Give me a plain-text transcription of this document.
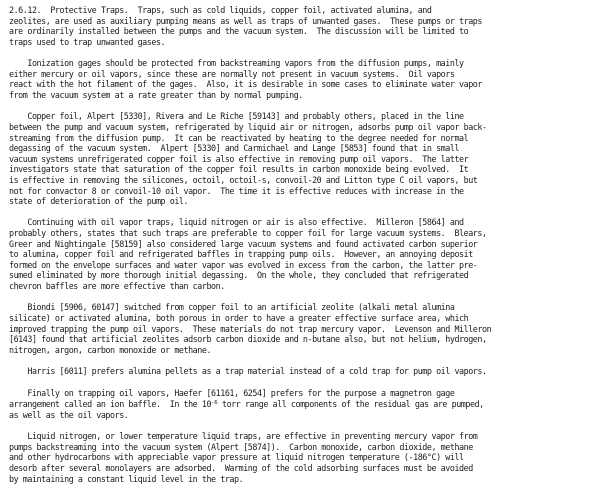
2.6.12.  Protective Traps.  Traps, such as cold liquids, copper foil, activated alumina, and
zeolites, are used as auxiliary pumping means as well as traps of unwanted gases.  These pumps or traps
are ordinarily installed between the pumps and the vacuum system.  The discussion will be limited to
traps used to trap unwanted gases.
Ionization gages should be protected from backstreaming vapors from the diffusion pumps, mainly
either mercury or oil vapors, since these are normally not present in vacuum systems.  Oil vapors
react with the hot filament of the gages.  Also, it is desirable in some cases to eliminate water vapor
from the vacuum system at a rate greater than by normal pumping.
Copper foil, Alpert [5330], Rivera and Le Riche [59143] and probably others, placed in the line
between the pump and vacuum system, refrigerated by liquid air or nitrogen, adsorbs pump oil vapor back-
streaming from the diffusion pump.  It can be reactivated by heating to the degree needed for normal
degassing of the vacuum system.  Alpert [5330] and Carmichael and Lange [5853] found that in small
vacuum systems unrefrigerated copper foil is also effective in removing pump oil vapors.  The latter
investigators state that saturation of the copper foil results in carbon monoxide being evolved.  It
is effective in removing the silicones, octoil, octoil-s, convoil-20 and Litton type C oil vapors, but
not for convactor 8 or convoil-10 oil vapor.  The time it is effective reduces with increase in the
state of deterioration of the pump oil.
Continuing with oil vapor traps, liquid nitrogen or air is also effective.  Milleron [5864] and
probably others, states that such traps are preferable to copper foil for large vacuum systems.  Blears,
Greer and Nightingale [58159] also considered large vacuum systems and found activated carbon superior
to alumina, copper foil and refrigerated baffles in trapping pump oils.  However, an annoying deposit
formed on the envelope surfaces and water vapor was evolved in excess from the carbon, the latter pre-
sumed eliminated by more thorough initial degassing.  On the whole, they concluded that refrigerated
chevron baffles are more effective than carbon.
Biondi [5906, 60147] switched from copper foil to an artificial zeolite (alkali metal alumina
silicate) or activated alumina, both porous in order to have a greater effective surface area, which
improved trapping the pump oil vapors.  These materials do not trap mercury vapor.  Levenson and Milleron
[6143] found that artificial zeolites adsorb carbon dioxide and n-butane also, but not helium, hydrogen,
nitrogen, argon, carbon monoxide or methane.
Harris [6011] prefers alumina pellets as a trap material instead of a cold trap for pump oil vapors.
Finally on trapping oil vapors, Haefer [61161, 6254] prefers for the purpose a magnetron gage
arrangement called an ion baffle.  In the $10^{-6}$ torr range all components of the residual gas are pumped,
as well as the oil vapors.
Liquid nitrogen, or lower temperature liquid traps, are effective in preventing mercury vapor from
pumps backstreaming into the vacuum system (Alpert [5874]).  Carbon monoxide, carbon dioxide, methane
and other hydrocarbons with appreciable vapor pressure at liquid nitrogen temperature (-186°C) will
desorb after several monolayers are adsorbed.  Warming of the cold adsorbing surfaces must be avoided
by maintaining a constant liquid level in the trap.
